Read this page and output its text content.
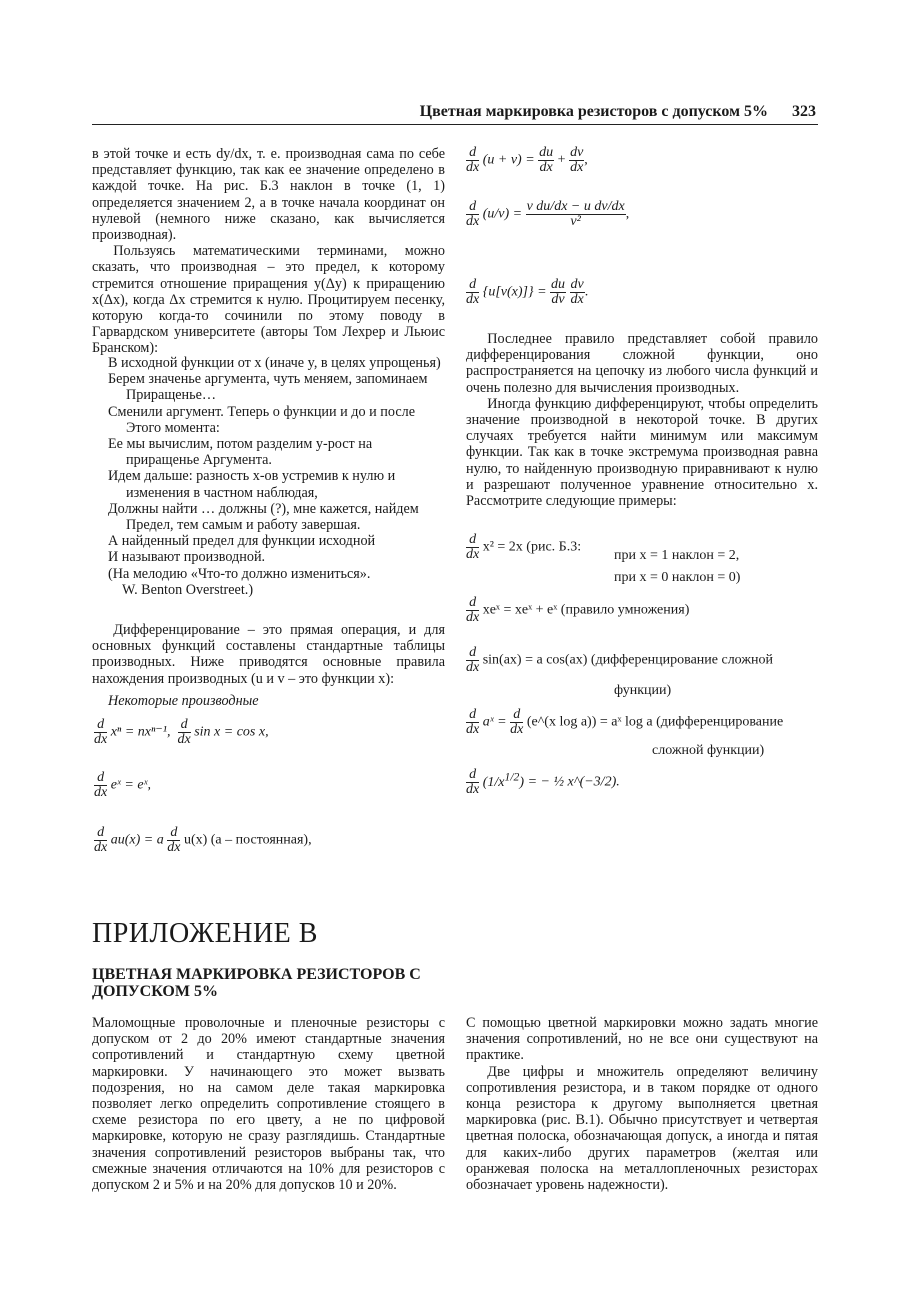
Цветная маркировка резисторов с допуском 5% 323

в этой точке и есть dy/dx, т. е. производная сама по себе представляет функцию, так как ее значение определено в каждой точке. На рис. Б.3 наклон в точке (1, 1) определяется значением 2, а в точке начала координат он нулевой (немного ниже сказано, как вычисляется производная).

Пользуясь математическими терминами, можно сказать, что производная – это предел, к которому стремится отношение приращения y(Δy) к приращению x(Δx), когда Δx стремится к нулю. Процитируем песенку, которую когда-то сочинили по этому поводу в Гарвардском университете (авторы Том Лехрер и Льюис Бранском):

В исходной функции от x (иначе y, в целях упрощенья)
Берем значенье аргумента, чуть меняем, запоминаем Приращенье…
Сменили аргумент. Теперь о функции и до и после Этого момента:
Ее мы вычислим, потом разделим y-рост на приращенье Аргумента.
Идем дальше: разность x-ов устремив к нулю и изменения в частном наблюдая,
Должны найти … должны (?), мне кажется, найдем Предел, тем самым и работу завершая.
А найденный предел для функции исходной
И называют производной.
(На мелодию «Что-то должно измениться».
W. Benton Overstreet.)

Дифференцирование – это прямая операция, и для основных функций составлены стандартные таблицы производных. Ниже приводятся основные правила нахождения производных (u и v – это функции x):

Некоторые производные
$\frac{d}{dx}$ xⁿ = nxⁿ⁻¹, $\frac{d}{dx}$ sin x = cos x,
$\frac{d}{dx}$ eˣ = eˣ,
$\frac{d}{dx} au(x) = a \frac{d}{dx} u(x)$ (a – постоянная),
$\frac{d}{dx} (u + v) = \frac{du}{dx} + \frac{dv}{dx}$ ,
$\frac{d}{dx} (u/v) = \frac{\text{v du/dx − u dv/dx}}{\text{v²}}$ ,
$\frac{d}{dx} \{u[v(x)]\} = \frac{du}{dv}$
$\frac{dv}{dx}$ .

Последнее правило представляет собой правило дифференцирования сложной функции, оно распространяется на цепочку из любого числа функций и очень полезно для вычисления производных.

Иногда функцию дифференцируют, чтобы определить значение производной в некоторой точке. В других случаях требуется найти минимум или максимум функции. Так как в точке экстремума производная равна нулю, то найденную производную приравнивают к нулю и разрешают полученное уравнение относительно x. Рассмотрите следующие примеры:

$\frac{d}{dx} x^2 = 2x$ (рис. Б.3:
при x = 1 наклон = 2,
при x = 0 наклон = 0)
$\frac{d}{dx}$ xeˣ = xeˣ + eˣ (правило умножения)
$\frac{d}{dx} \sin(ax) = a$ cos(ax) (дифференцирование сложной
функции)
$\frac{d}{dx}$ aˣ = $\frac{d}{dx}$ (e^(x log a)) = aˣ log a (дифференцирование
сложной функции)
$\frac{d}{dx} (1/x^{1/2})$ = − ½ x^(−3/2).
ПРИЛОЖЕНИЕ В
ЦВЕТНАЯ МАРКИРОВКА РЕЗИСТОРОВ С ДОПУСКОМ 5%

Маломощные проволочные и пленочные резисторы с допуском от 2 до 20% имеют стандартные значения сопротивлений и стандартную схему цветной маркировки. У начинающего это может вызвать подозрения, но на самом деле такая маркировка позволяет легко определить сопротивление стоящего в схеме резистора по его цвету, а не по цифровой маркировке, которую не сразу разглядишь. Стандартные значения сопротивлений резисторов выбраны так, что смежные значения отличаются на 10% для резисторов с допуском 2 и 5% и на 20% для допусков 10 и 20%.

С помощью цветной маркировки можно задать многие значения сопротивлений, но не все они существуют на практике.

Две цифры и множитель определяют величину сопротивления резистора, и в таком порядке от одного конца резистора к другому выполняется цветная маркировка (рис. В.1). Обычно присутствует и четвертая цветная полоска, обозначающая допуск, а иногда и пятая для каких-либо других параметров (желтая или оранжевая полоска на металлопленочных резисторах обозначает уровень надежности).
